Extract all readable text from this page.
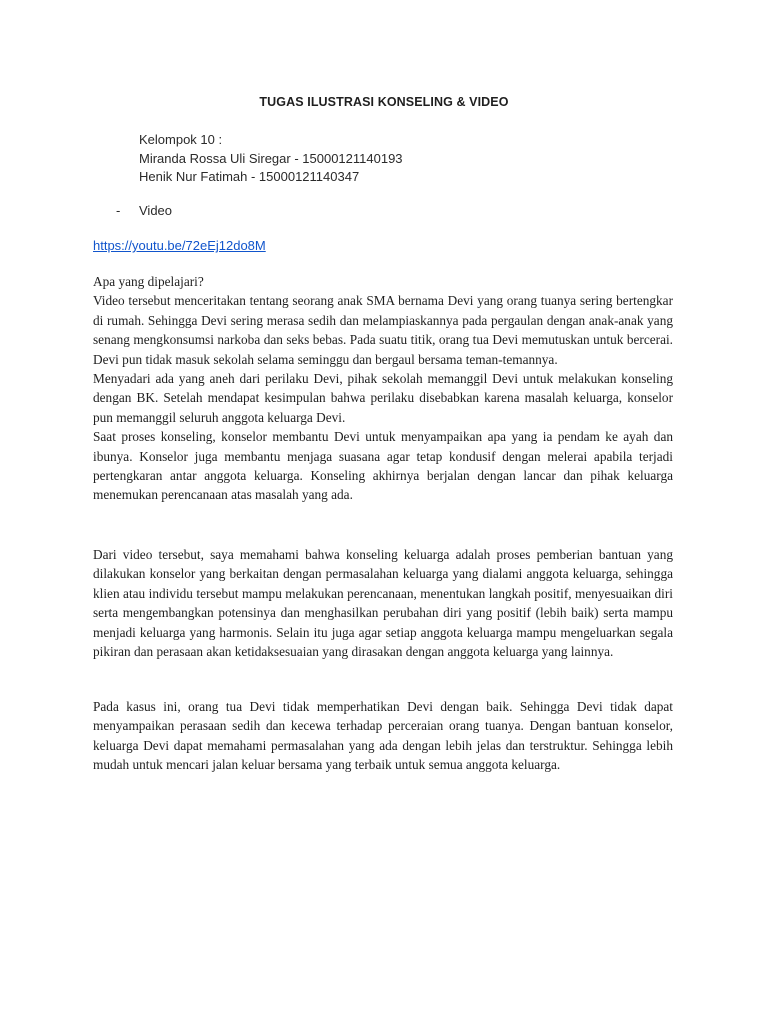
TUGAS ILUSTRASI KONSELING & VIDEO
Kelompok 10 :
Miranda Rossa Uli Siregar - 15000121140193
Henik Nur Fatimah - 15000121140347
- Video
https://youtu.be/72eEj12do8M

Apa yang dipelajari?

Video tersebut menceritakan tentang seorang anak SMA bernama Devi yang orang tuanya sering bertengkar di rumah. Sehingga Devi sering merasa sedih dan melampiaskannya pada pergaulan dengan anak-anak yang senang mengkonsumsi narkoba dan seks bebas. Pada suatu titik, orang tua Devi memutuskan untuk bercerai. Devi pun tidak masuk sekolah selama seminggu dan bergaul bersama teman-temannya.

Menyadari ada yang aneh dari perilaku Devi, pihak sekolah memanggil Devi untuk melakukan konseling dengan BK. Setelah mendapat kesimpulan bahwa perilaku disebabkan karena masalah keluarga, konselor pun memanggil seluruh anggota keluarga Devi.

Saat proses konseling, konselor membantu Devi untuk menyampaikan apa yang ia pendam ke ayah dan ibunya. Konselor juga membantu menjaga suasana agar tetap kondusif dengan melerai apabila terjadi pertengkaran antar anggota keluarga. Konseling akhirnya berjalan dengan lancar dan pihak keluarga menemukan perencanaan atas masalah yang ada.

Dari video tersebut, saya memahami bahwa konseling keluarga adalah proses pemberian bantuan yang dilakukan konselor yang berkaitan dengan permasalahan keluarga yang dialami anggota keluarga, sehingga klien atau individu tersebut mampu melakukan perencanaan, menentukan langkah positif, menyesuaikan diri serta mengembangkan potensinya dan menghasilkan perubahan diri yang positif (lebih baik) serta mampu menjadi keluarga yang harmonis. Selain itu juga agar setiap anggota keluarga mampu mengeluarkan segala pikiran dan perasaan akan ketidaksesuaian yang dirasakan dengan anggota keluarga yang lainnya.

Pada kasus ini, orang tua Devi tidak memperhatikan Devi dengan baik. Sehingga Devi tidak dapat menyampaikan perasaan sedih dan kecewa terhadap perceraian orang tuanya. Dengan bantuan konselor, keluarga Devi dapat memahami permasalahan yang ada dengan lebih jelas dan terstruktur. Sehingga lebih mudah untuk mencari jalan keluar bersama yang terbaik untuk semua anggota keluarga.
